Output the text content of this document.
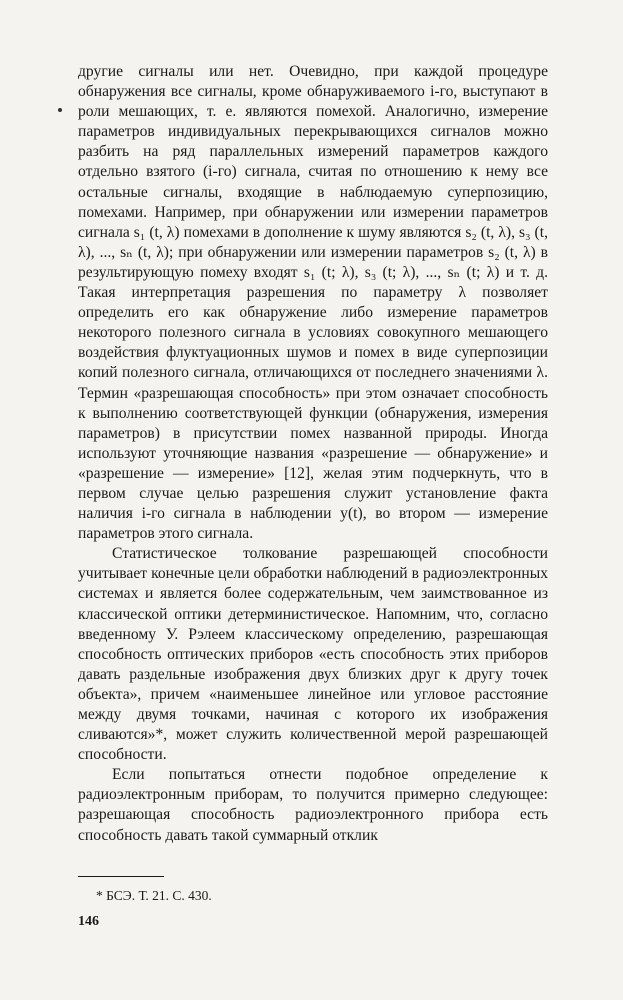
другие сигналы или нет. Очевидно, при каждой процедуре обнаружения все сигналы, кроме обнаруживаемого i-го, выступают в роли мешающих, т. е. являются помехой. Аналогично, измерение параметров индивидуальных перекрывающихся сигналов можно разбить на ряд параллельных измерений параметров каждого отдельно взятого (i-го) сигнала, считая по отношению к нему все остальные сигналы, входящие в наблюдаемую суперпозицию, помехами. Например, при обнаружении или измерении параметров сигнала s₁ (t, λ) помехами в дополнение к шуму являются s₂ (t, λ), s₃ (t, λ), ..., sₙ (t, λ); при обнаружении или измерении параметров s₂ (t, λ) в результирующую помеху входят s₁ (t; λ), s₃ (t; λ), ..., sₙ (t; λ) и т. д. Такая интерпретация разрешения по параметру λ позволяет определить его как обнаружение либо измерение параметров некоторого полезного сигнала в условиях совокупного мешающего воздействия флуктуационных шумов и помех в виде суперпозиции копий полезного сигнала, отличающихся от последнего значениями λ. Термин «разрешающая способность» при этом означает способность к выполнению соответствующей функции (обнаружения, измерения параметров) в присутствии помех названной природы. Иногда используют уточняющие названия «разрешение — обнаружение» и «разрешение — измерение» [12], желая этим подчеркнуть, что в первом случае целью разрешения служит установление факта наличия i-го сигнала в наблюдении y(t), во втором — измерение параметров этого сигнала.

Статистическое толкование разрешающей способности учитывает конечные цели обработки наблюдений в радиоэлектронных системах и является более содержательным, чем заимствованное из классической оптики детерминистическое. Напомним, что, согласно введенному У. Рэлеем классическому определению, разрешающая способность оптических приборов «есть способность этих приборов давать раздельные изображения двух близких друг к другу точек объекта», причем «наименьшее линейное или угловое расстояние между двумя точками, начиная с которого их изображения сливаются»*, может служить количественной мерой разрешающей способности.

Если попытаться отнести подобное определение к радиоэлектронным приборам, то получится примерно следующее: разрешающая способность радиоэлектронного прибора есть способность давать такой суммарный отклик

* БСЭ. Т. 21. С. 430.
146
